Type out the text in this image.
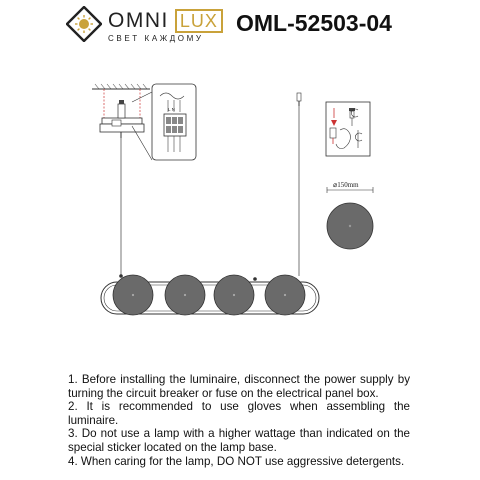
OMNI LUX
СВЕТ КАЖДОМУ
OML-52503-04
L N
⌀150mm

1. Before installing the luminaire, disconnect the power supply by turning the circuit breaker or fuse on the electrical panel box.

2. It is recommended to use gloves when assembling the luminaire.

3. Do not use a lamp with a higher wattage than indicated on the special sticker located on the lamp base.

4. When caring for the lamp, DO NOT use aggressive detergents.
